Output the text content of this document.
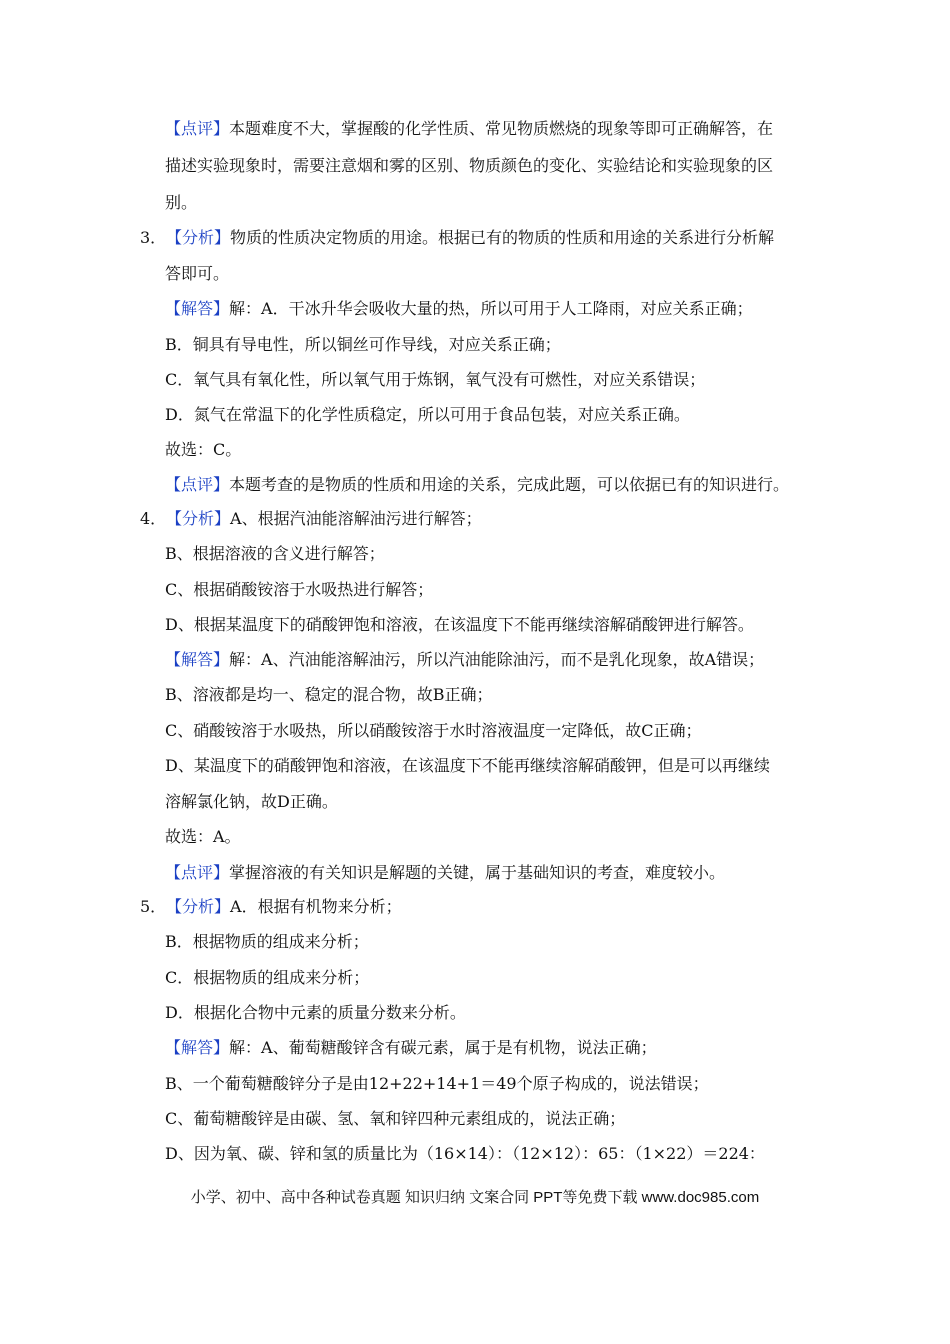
【点评】本题难度不大，掌握酸的化学性质、常见物质燃烧的现象等即可正确解答，在
描述实验现象时，需要注意烟和雾的区别、物质颜色的变化、实验结论和实验现象的区
别。
3．【分析】物质的性质决定物质的用途。根据已有的物质的性质和用途的关系进行分析解
答即可。
【解答】解：A．干冰升华会吸收大量的热，所以可用于人工降雨，对应关系正确；
B．铜具有导电性，所以铜丝可作导线，对应关系正确；
C．氧气具有氧化性，所以氧气用于炼钢，氧气没有可燃性，对应关系错误；
D．氮气在常温下的化学性质稳定，所以可用于食品包装，对应关系正确。
故选：C。
【点评】本题考查的是物质的性质和用途的关系，完成此题，可以依据已有的知识进行。
4．【分析】A、根据汽油能溶解油污进行解答；
B、根据溶液的含义进行解答；
C、根据硝酸铵溶于水吸热进行解答；
D、根据某温度下的硝酸钾饱和溶液，在该温度下不能再继续溶解硝酸钾进行解答。
【解答】解：A、汽油能溶解油污，所以汽油能除油污，而不是乳化现象，故A错误；
B、溶液都是均一、稳定的混合物，故B正确；
C、硝酸铵溶于水吸热，所以硝酸铵溶于水时溶液温度一定降低，故C正确；
D、某温度下的硝酸钾饱和溶液，在该温度下不能再继续溶解硝酸钾，但是可以再继续
溶解氯化钠，故D正确。
故选：A。
【点评】掌握溶液的有关知识是解题的关键，属于基础知识的考查，难度较小。
5．【分析】A．根据有机物来分析；
B．根据物质的组成来分析；
C．根据物质的组成来分析；
D．根据化合物中元素的质量分数来分析。
【解答】解：A、葡萄糖酸锌含有碳元素，属于是有机物，说法正确；
B、一个葡萄糖酸锌分子是由12+22+14+1＝49个原子构成的，说法错误；
C、葡萄糖酸锌是由碳、氢、氧和锌四种元素组成的，说法正确；
D、因为氧、碳、锌和氢的质量比为（16×14）：（12×12）：65：（1×22）＝224：
小学、初中、高中各种试卷真题 知识归纳 文案合同 PPT等免费下载 www.doc985.com
